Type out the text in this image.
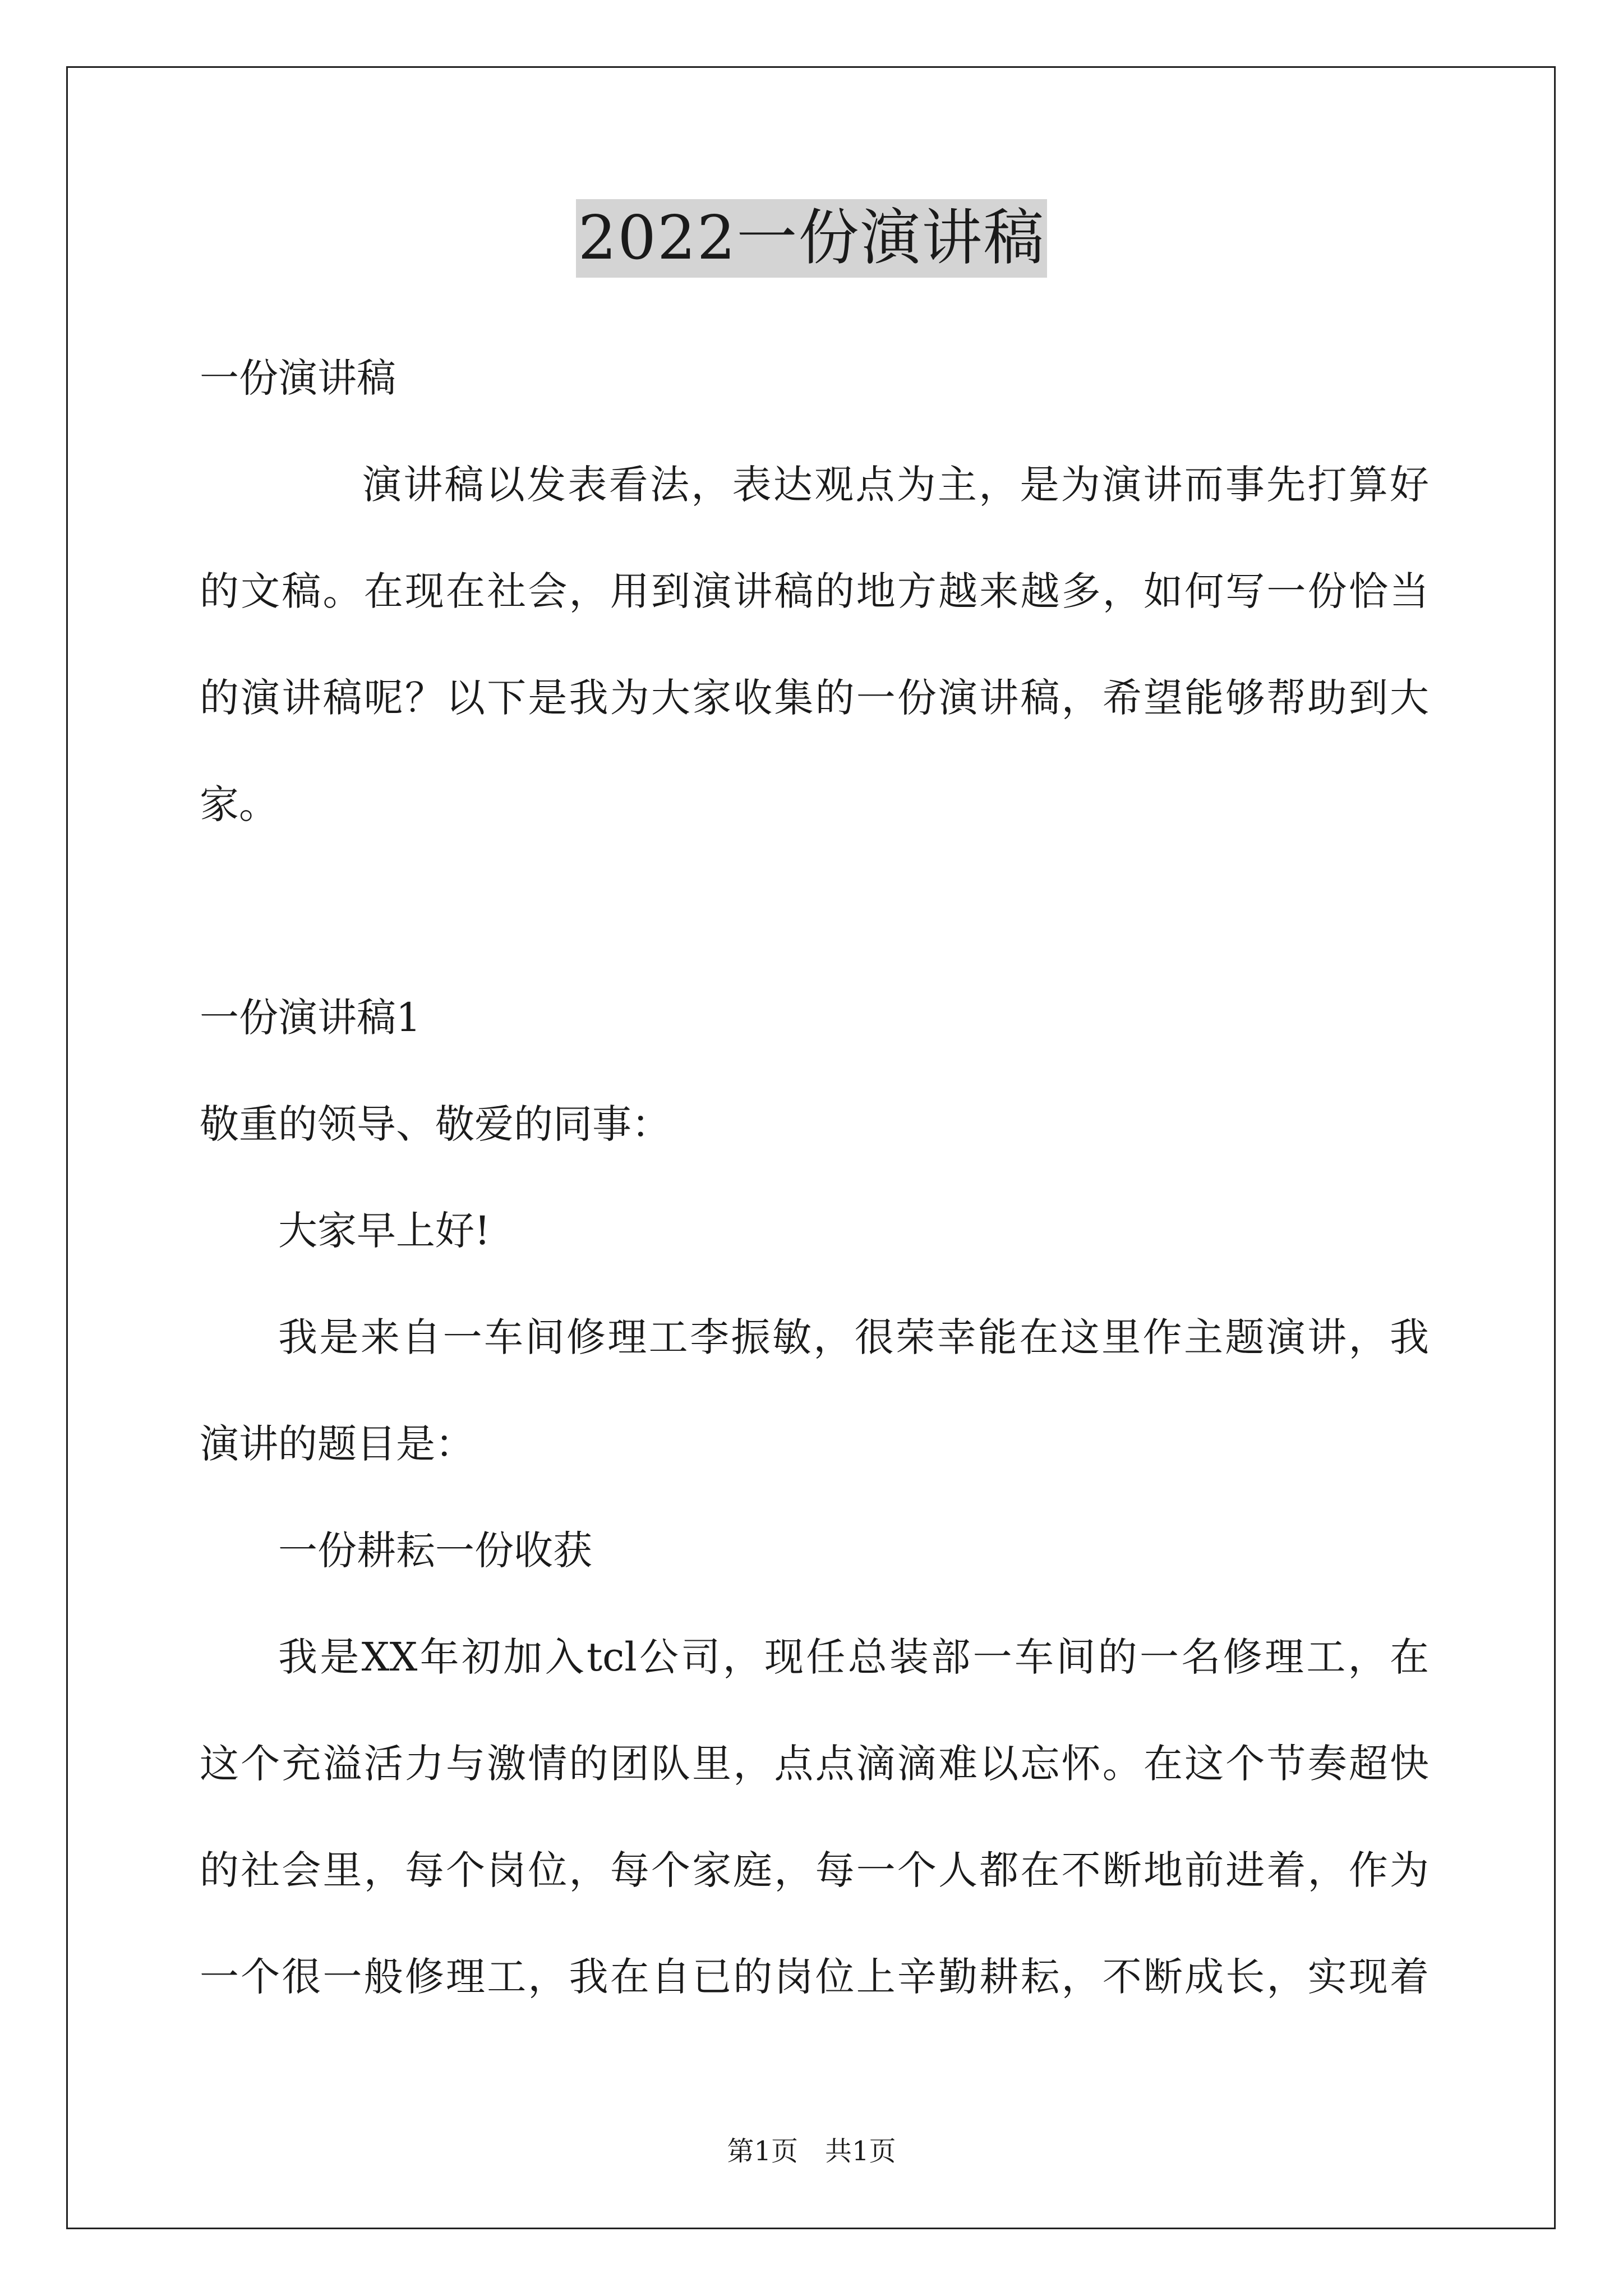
2022一份演讲稿
一份演讲稿
演讲稿以发表看法，表达观点为主，是为演讲而事先打算好
的文稿。在现在社会，用到演讲稿的地方越来越多，如何写一份恰当
的演讲稿呢？以下是我为大家收集的一份演讲稿，希望能够帮助到大
家。
一份演讲稿1
敬重的领导、敬爱的同事：
大家早上好!
我是来自一车间修理工李振敏，很荣幸能在这里作主题演讲，我
演讲的题目是：
一份耕耘一份收获
我是XX年初加入tcl公司，现任总装部一车间的一名修理工，在
这个充溢活力与激情的团队里，点点滴滴难以忘怀。在这个节奏超快
的社会里，每个岗位，每个家庭，每一个人都在不断地前进着，作为
一个很一般修理工，我在自已的岗位上辛勤耕耘，不断成长，实现着
第1页　共1页
